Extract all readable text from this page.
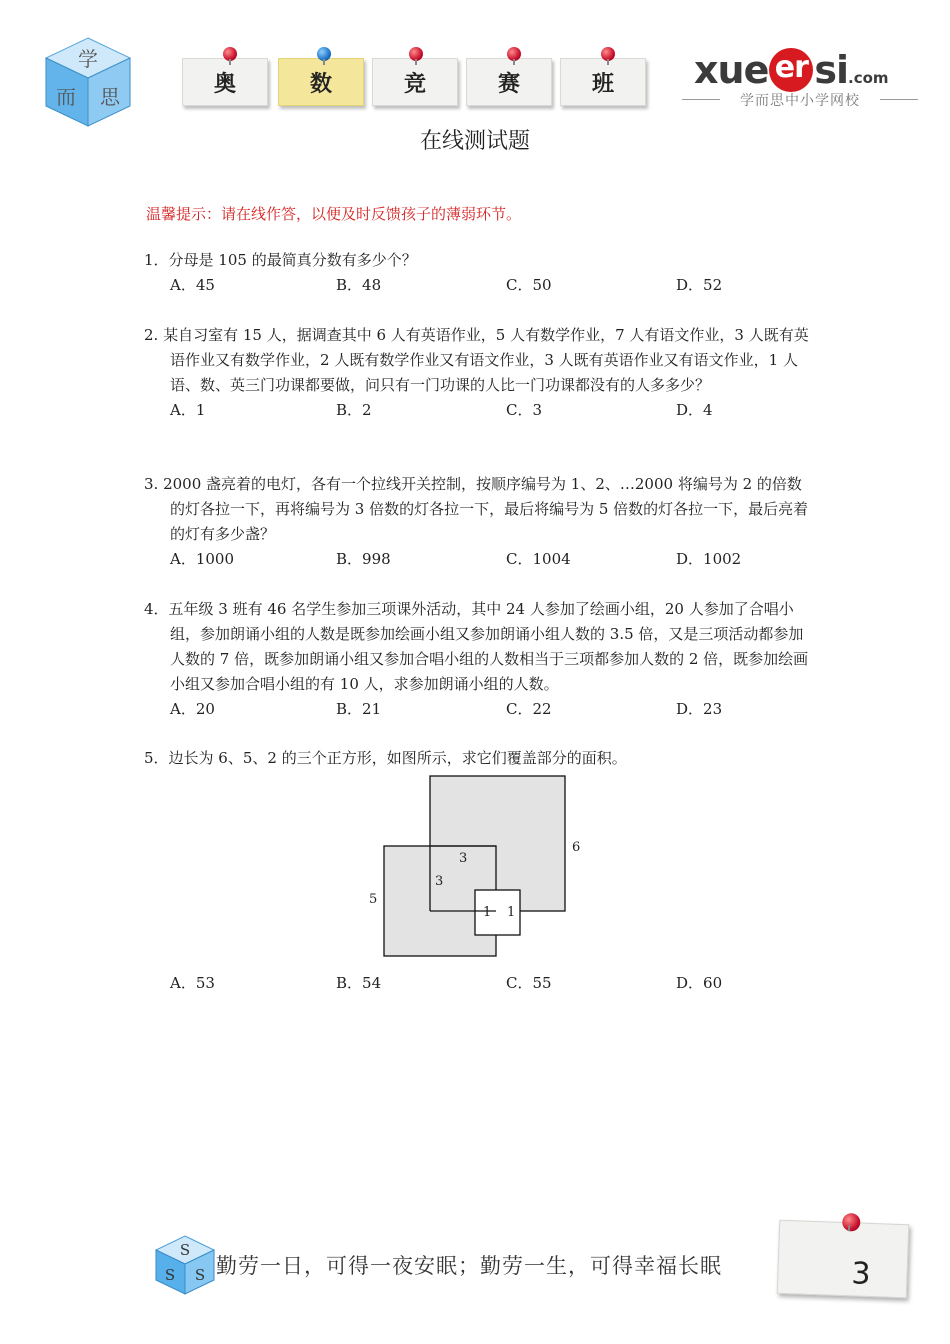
学
而 思
奥	数	竞	赛	班 xue er si.com
学而思中小学网校
在线测试题
温馨提示：请在线作答，以便及时反馈孩子的薄弱环节。
1．分母是 105 的最简真分数有多少个？
A．45	B．48	C．50	D．52
2. 某自习室有 15 人，据调查其中 6 人有英语作业，5 人有数学作业，7 人有语文作业，3 人既有英语作业又有数学作业，2 人既有数学作业又有语文作业，3 人既有英语作业又有语文作业，1 人语、数、英三门功课都要做，问只有一门功课的人比一门功课都没有的人多多少？
A．1	B．2	C．3	D．4
3. 2000 盏亮着的电灯，各有一个拉线开关控制，按顺序编号为 1、2、…2000 将编号为 2 的倍数的灯各拉一下，再将编号为 3 倍数的灯各拉一下，最后将编号为 5 倍数的灯各拉一下，最后亮着的灯有多少盏？
A．1000	B．998	C．1004	D．1002
4．五年级 3 班有 46 名学生参加三项课外活动，其中 24 人参加了绘画小组，20 人参加了合唱小组，参加朗诵小组的人数是既参加绘画小组又参加朗诵小组人数的 3.5 倍，又是三项活动都参加人数的 7 倍，既参加朗诵小组又参加合唱小组的人数相当于三项都参加人数的 2 倍，既参加绘画小组又参加合唱小组的有 10 人，求参加朗诵小组的人数。
A．20	B．21	C．22	D．23
5．边长为 6、5、2 的三个正方形，如图所示，求它们覆盖部分的面积。
6
5
3
3
1 1
A．53	B．54	C．55	D．60
S
S S 勤劳一日，可得一夜安眠；勤劳一生，可得幸福长眠	3
